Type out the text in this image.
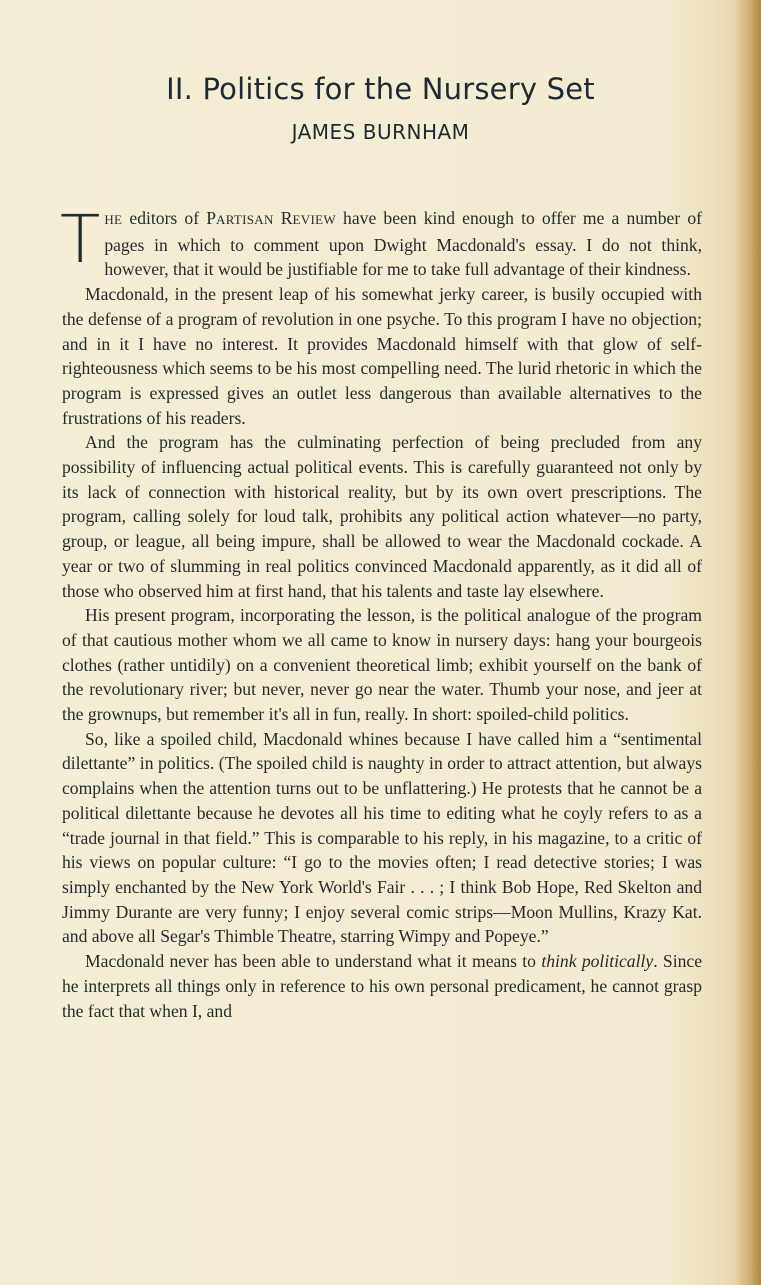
II. Politics for the Nursery Set
JAMES BURNHAM

THE editors of PARTISAN REVIEW have been kind enough to offer me a number of pages in which to comment upon Dwight Macdonald's essay. I do not think, however, that it would be justifiable for me to take full advantage of their kindness.

Macdonald, in the present leap of his somewhat jerky career, is busily occupied with the defense of a program of revolution in one psyche. To this program I have no objection; and in it I have no interest. It provides Macdonald himself with that glow of self-righteousness which seems to be his most compelling need. The lurid rhetoric in which the program is expressed gives an outlet less dangerous than available alternatives to the frustrations of his readers.

And the program has the culminating perfection of being precluded from any possibility of influencing actual political events. This is carefully guaranteed not only by its lack of connection with historical reality, but by its own overt prescriptions. The program, calling solely for loud talk, prohibits any political action whatever—no party, group, or league, all being impure, shall be allowed to wear the Macdonald cockade. A year or two of slumming in real politics convinced Macdonald apparently, as it did all of those who observed him at first hand, that his talents and taste lay elsewhere.

His present program, incorporating the lesson, is the political analogue of the program of that cautious mother whom we all came to know in nursery days: hang your bourgeois clothes (rather untidily) on a convenient theoretical limb; exhibit yourself on the bank of the revolutionary river; but never, never go near the water. Thumb your nose, and jeer at the grownups, but remember it's all in fun, really. In short: spoiled-child politics.

So, like a spoiled child, Macdonald whines because I have called him a “sentimental dilettante” in politics. (The spoiled child is naughty in order to attract attention, but always complains when the attention turns out to be unflattering.) He protests that he cannot be a political dilettante because he devotes all his time to editing what he coyly refers to as a “trade journal in that field.” This is comparable to his reply, in his magazine, to a critic of his views on popular culture: “I go to the movies often; I read detective stories; I was simply enchanted by the New York World's Fair . . . ; I think Bob Hope, Red Skelton and Jimmy Durante are very funny; I enjoy several comic strips—Moon Mullins, Krazy Kat. and above all Segar's Thimble Theatre, starring Wimpy and Popeye.”

Macdonald never has been able to understand what it means to think politically. Since he interprets all things only in reference to his own personal predicament, he cannot grasp the fact that when I, and
